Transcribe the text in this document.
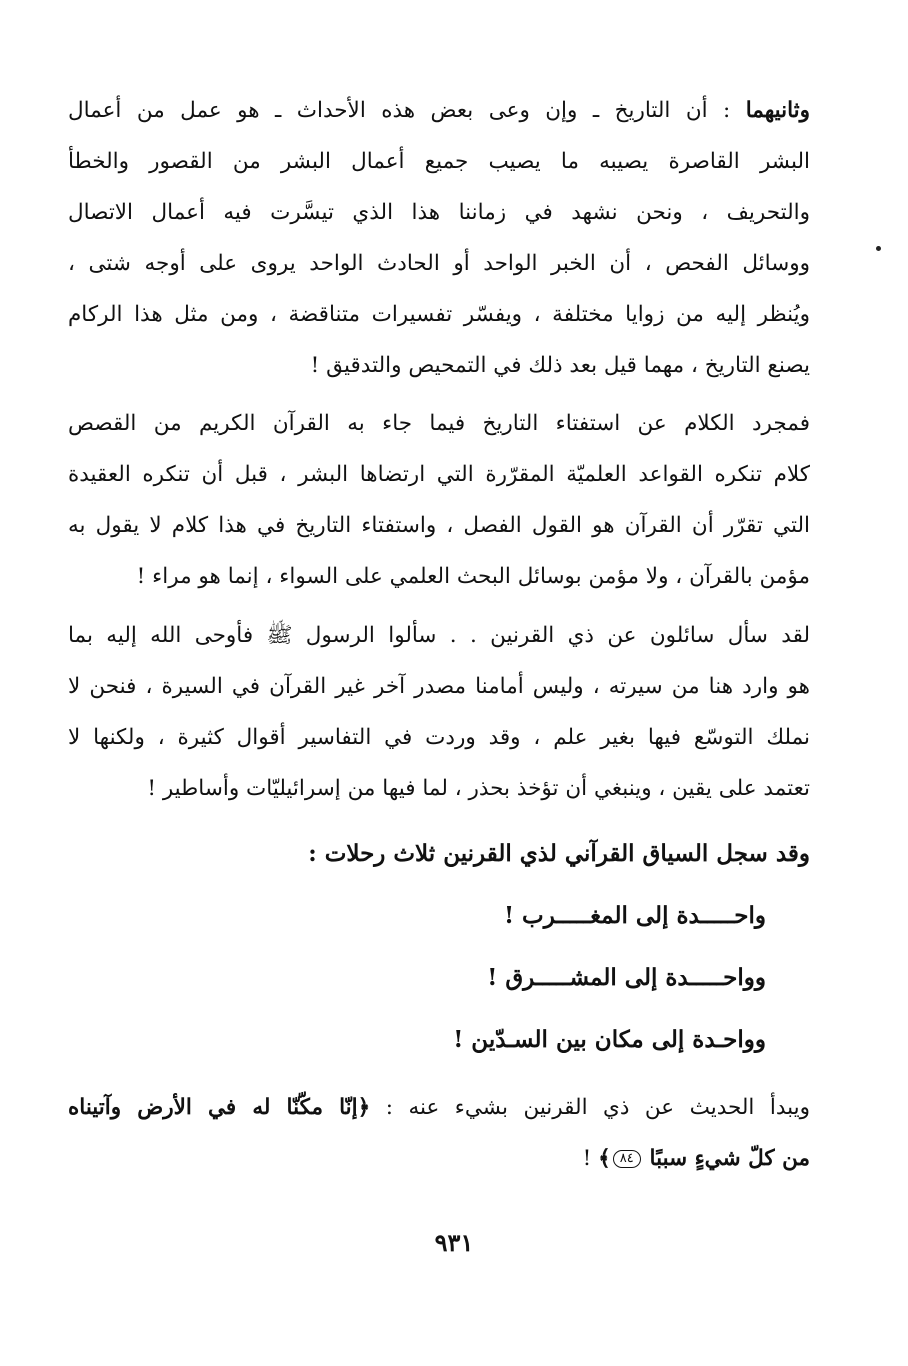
وثانيهما : أن التاريخ ـ وإن وعى بعض هذه الأحداث ـ هو عمل من أعمال
البشر القاصرة يصيبه ما يصيب جميع أعمال البشر من القصور والخطأ
والتحريف ، ونحن نشهد في زماننا هذا الذي تيسَّرت فيه أعمال الاتصال
ووسائل الفحص ، أن الخبر الواحد أو الحادث الواحد يروى على أوجه شتى ،
ويُنظر إليه من زوايا مختلفة ، ويفسّر تفسيرات متناقضة ، ومن مثل هذا الركام
يصنع التاريخ ، مهما قيل بعد ذلك في التمحيص والتدقيق !
فمجرد الكلام عن استفتاء التاريخ فيما جاء به القرآن الكريم من القصص
كلام تنكره القواعد العلميّة المقرّرة التي ارتضاها البشر ، قبل أن تنكره العقيدة
التي تقرّر أن القرآن هو القول الفصل ، واستفتاء التاريخ في هذا كلام لا يقول به
مؤمن بالقرآن ، ولا مؤمن بوسائل البحث العلمي على السواء ، إنما هو مراء !
لقد سأل سائلون عن ذي القرنين . . سألوا الرسول ﷺ فأوحى الله إليه بما
هو وارد هنا من سيرته ، وليس أمامنا مصدر آخر غير القرآن في السيرة ، فنحن لا
نملك التوسّع فيها بغير علم ، وقد وردت في التفاسير أقوال كثيرة ، ولكنها لا
تعتمد على يقين ، وينبغي أن تؤخذ بحذر ، لما فيها من إسرائيليّات وأساطير !
وقد سجل السياق القرآني لذي القرنين ثلاث رحلات :
واحـــــدة إلى المغـــــرب !
وواحـــــدة إلى المشـــــرق !
وواحـدة إلى مكان بين السـدّين !
ويبدأ الحديث عن ذي القرنين بشيء عنه : ﴿إنّا مكّنّا له في الأرض وآتيناه
من كلّ شيءٍ سببًا ٨٤﴾ !
٩٣١
